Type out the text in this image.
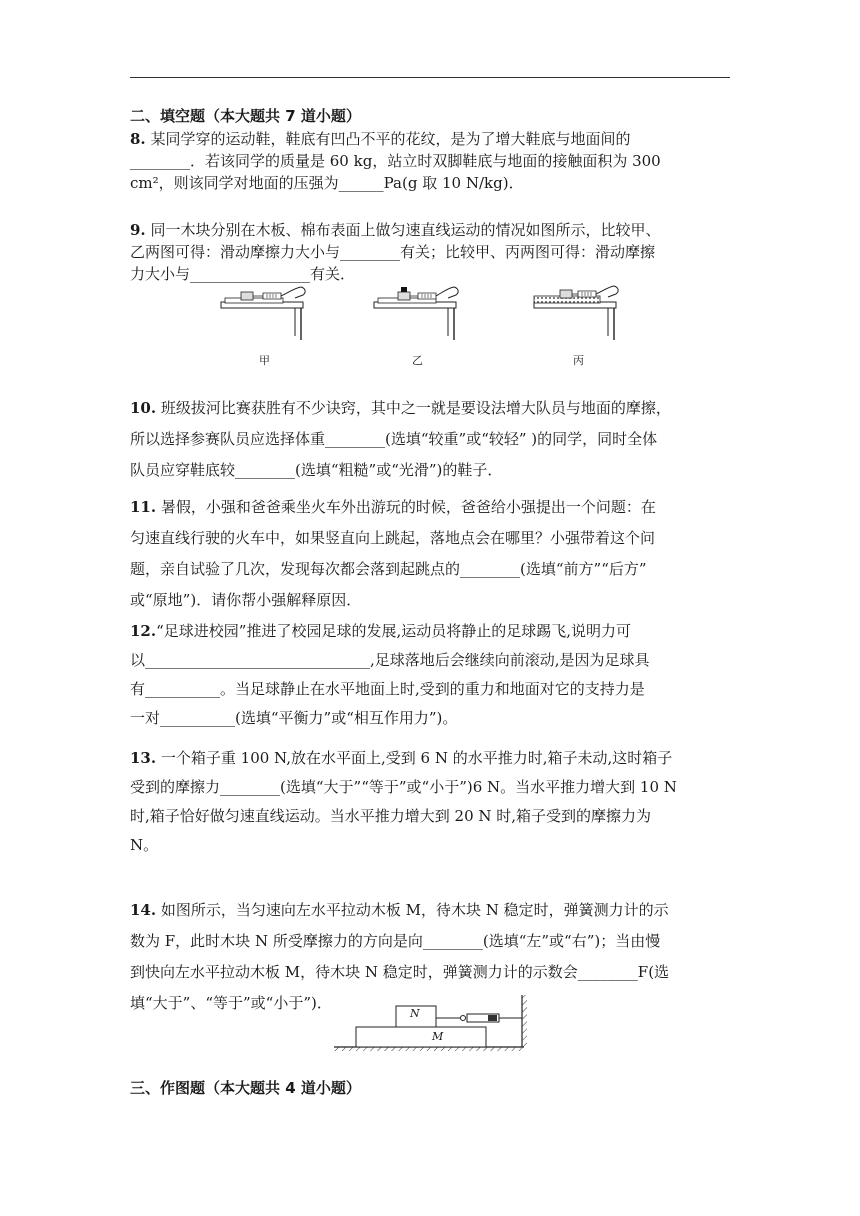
二、填空题（本大题共 7 道小题）

8. 某同学穿的运动鞋，鞋底有凹凸不平的花纹，是为了增大鞋底与地面间的

________．若该同学的质量是 60 kg，站立时双脚鞋底与地面的接触面积为 300

cm²，则该同学对地面的压强为______Pa(g 取 10 N/kg)．

9. 同一木块分别在木板、棉布表面上做匀速直线运动的情况如图所示，比较甲、

乙两图可得：滑动摩擦力大小与________有关；比较甲、丙两图可得：滑动摩擦

力大小与________________有关．

甲	乙	丙

10. 班级拔河比赛获胜有不少诀窍，其中之一就是要设法增大队员与地面的摩擦，

所以选择参赛队员应选择体重________(选填“较重”或“较轻” )的同学，同时全体

队员应穿鞋底较________(选填“粗糙”或“光滑”)的鞋子．

11. 暑假，小强和爸爸乘坐火车外出游玩的时候，爸爸给小强提出一个问题：在

匀速直线行驶的火车中，如果竖直向上跳起，落地点会在哪里？小强带着这个问

题，亲自试验了几次，发现每次都会落到起跳点的________(选填“前方”“后方”

或“原地”)．请你帮小强解释原因．

12.“足球进校园”推进了校园足球的发展,运动员将静止的足球踢飞,说明力可

以______________________________,足球落地后会继续向前滚动,是因为足球具

有__________。当足球静止在水平地面上时,受到的重力和地面对它的支持力是

一对__________(选填“平衡力”或“相互作用力”)。

13. 一个箱子重 100 N,放在水平面上,受到 6 N 的水平推力时,箱子未动,这时箱子

受到的摩擦力________(选填“大于”“等于”或“小于”)6 N。当水平推力增大到 10 N

时,箱子恰好做匀速直线运动。当水平推力增大到 20 N 时,箱子受到的摩擦力为

N。

14. 如图所示，当匀速向左水平拉动木板 M，待木块 N 稳定时，弹簧测力计的示

数为 F，此时木块 N 所受摩擦力的方向是向________(选填“左”或“右”)；当由慢

到快向左水平拉动木板 M，待木块 N 稳定时，弹簧测力计的示数会________F(选

填“大于”、“等于”或“小于”)．

N
M
三、作图题（本大题共 4 道小题）
